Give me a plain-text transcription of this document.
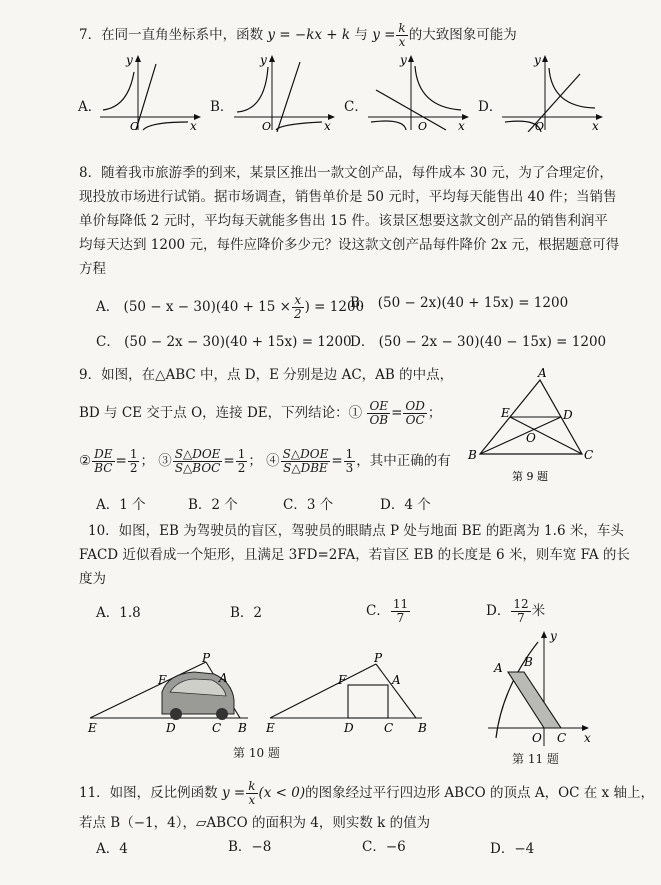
7．在同一直角坐标系中，函数 y = −kx + k 与 $y = \frac{k}{x}$ 的大致图象可能为
A．	B．	C．	D．
x
y
O	x
y
O	x
y
O	x
y
O
8．随着我市旅游季的到来，某景区推出一款文创产品，每件成本 30 元，为了合理定价，
现投放市场进行试销。据市场调查，销售单价是 50 元时，平均每天能售出 40 件；当销售
单价每降低 2 元时，平均每天就能多售出 15 件。该景区想要这款文创产品的销售利润平
均每天达到 1200 元，每件应降价多少元？设这款文创产品每件降价 2x 元，根据题意可得
方程
A． $(50 - x - 30)(40 + 15 \times \frac{x}{2}$ ) = 1200
B． (50 − 2x)(40 + 15x) = 1200
C． (50 − 2x − 30)(40 + 15x) = 1200
D． (50 − 2x − 30)(40 − 15x) = 1200
9．如图，在△ABC 中，点 D，E 分别是边 AC，AB 的中点，
BD 与 CE 交于点 O，连接 DE，下列结论：① $\frac{OE}{OB} = \frac{OD}{OC}$ ；
② $\frac{DE}{BC} = \frac{1}{2}$ ； ③ $\frac{\text{S△DOE}}{\text{S△BOC}} = \frac{1}{2}$ ； ④ $\frac{\text{S△DOE}}{\text{S△DBE}} = \frac{1}{3}$ ，其中正确的有
A
B	C
D
E
O
第 9 题
A．1 个	B．2 个	C．3 个	D．4 个
10．如图，EB 为驾驶员的盲区，驾驶员的眼睛点 P 处与地面 BE 的距离为 1.6 米，车头
FACD 近似看成一个矩形，且满足 3FD=2FA，若盲区 EB 的长度是 6 米，则车宽 FA 的长
度为
A．1.8	B．2	C． $\frac{11}{7}$	D． $\frac{12}{7}$ 米
P
F	A
E	D	C B
P
F	A
E	D	C B
第 10 题
A B
O C x
y
第 11 题
11．如图，反比例函数 $y = \frac{k}{x} (x < 0)$的图象经过平行四边形 ABCO 的顶点 A，OC 在 x 轴上，
若点 B（−1，4），▱ABCO 的面积为 4，则实数 k 的值为
A．4	B．−8	C．−6	D．−4
